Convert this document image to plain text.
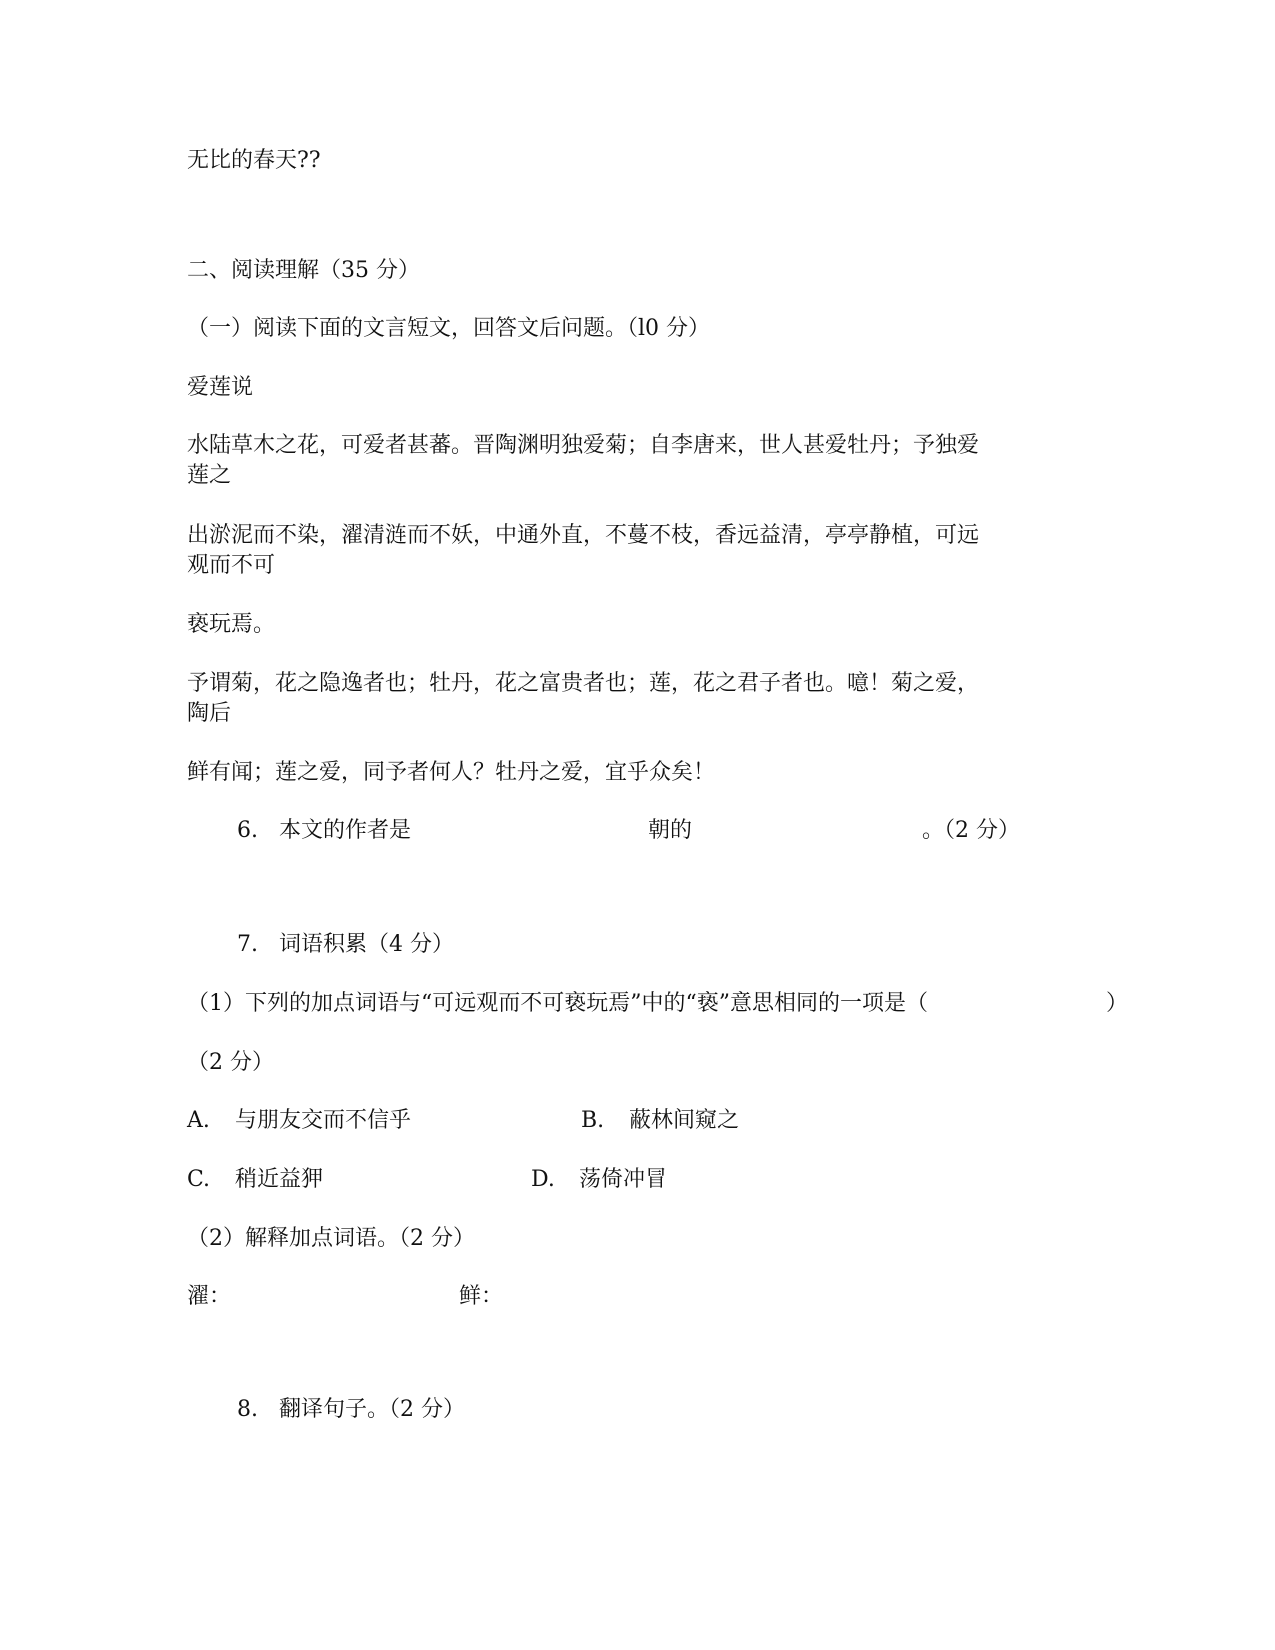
无比的春天??

二、阅读理解（35 分）

（一）阅读下面的文言短文，回答文后问题。（l0 分）

爱莲说

水陆草木之花，可爱者甚蕃。晋陶渊明独爱菊；自李唐来，世人甚爱牡丹；予独爱

莲之

出淤泥而不染，濯清涟而不妖，中通外直，不蔓不枝，香远益清，亭亭静植，可远

观而不可

亵玩焉。

予谓菊，花之隐逸者也；牡丹，花之富贵者也；莲，花之君子者也。噫！菊之爱，

陶后

鲜有闻；莲之爱，同予者何人？牡丹之爱，宜乎众矣！

6. 本文的作者是	朝的	。（2 分）
7. 词语积累（4 分）

（1）下列的加点词语与“可远观而不可亵玩焉”中的“亵”意思相同的一项是（	）

（2 分）

A. 与朋友交而不信乎	B. 蔽林间窥之
C. 稍近益狎	D. 荡倚冲冒

（2）解释加点词语。（2 分）

濯：	鲜：
8. 翻译句子。（2 分）
